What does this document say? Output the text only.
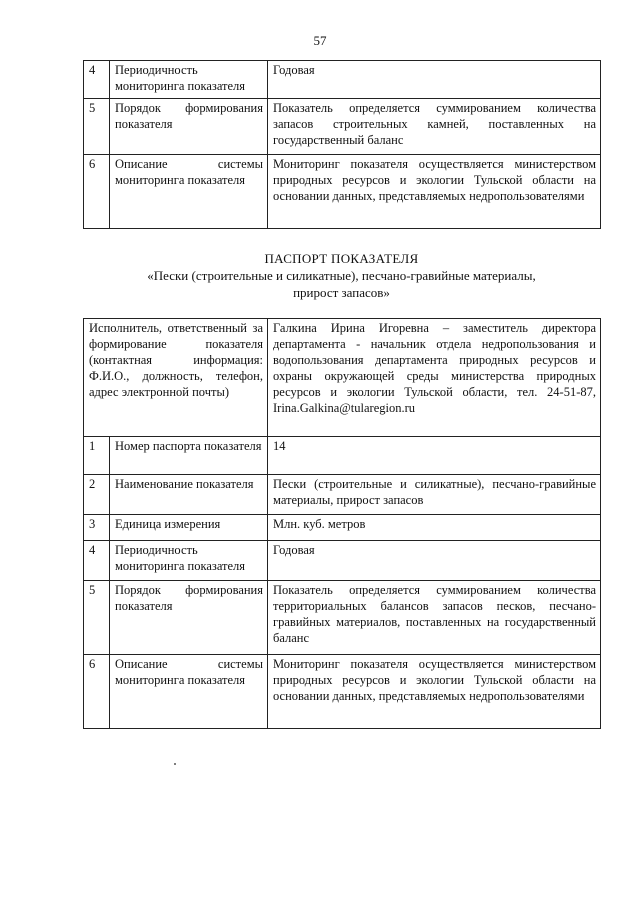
57
4	Периодичность мониторинга показателя	Годовая
5	Порядок формирования показателя	Показатель определяется суммированием количества запасов строительных камней, поставленных на государственный баланс
6	Описание системы мониторинга показателя	Мониторинг показателя осуществляется министерством природных ресурсов и экологии Тульской области на основании данных, представляемых недропользователями
ПАСПОРТ ПОКАЗАТЕЛЯ
«Пески (строительные и силикатные), песчано-гравийные материалы,
прирост запасов»
Исполнитель, ответственный за формирование показателя (контактная информация: Ф.И.О., должность, телефон, адрес электронной почты)		Галкина Ирина Игоревна – заместитель директора департамента - начальник отдела недропользования и водопользования департамента природных ресурсов и охраны окружающей среды министерства природных ресурсов и экологии Тульской области, тел. 24-51-87, Irina.Galkina@tularegion.ru
1	Номер паспорта показателя	14
2	Наименование показателя	Пески (строительные и силикатные), песчано-гравийные материалы, прирост запасов
3	Единица измерения	Млн. куб. метров
4	Периодичность мониторинга показателя	Годовая
5	Порядок формирования показателя	Показатель определяется суммированием количества территориальных балансов запасов песков, песчано-гравийных материалов, поставленных на государственный баланс
6	Описание системы мониторинга показателя	Мониторинг показателя осуществляется министерством природных ресурсов и экологии Тульской области на основании данных, представляемых недропользователями
